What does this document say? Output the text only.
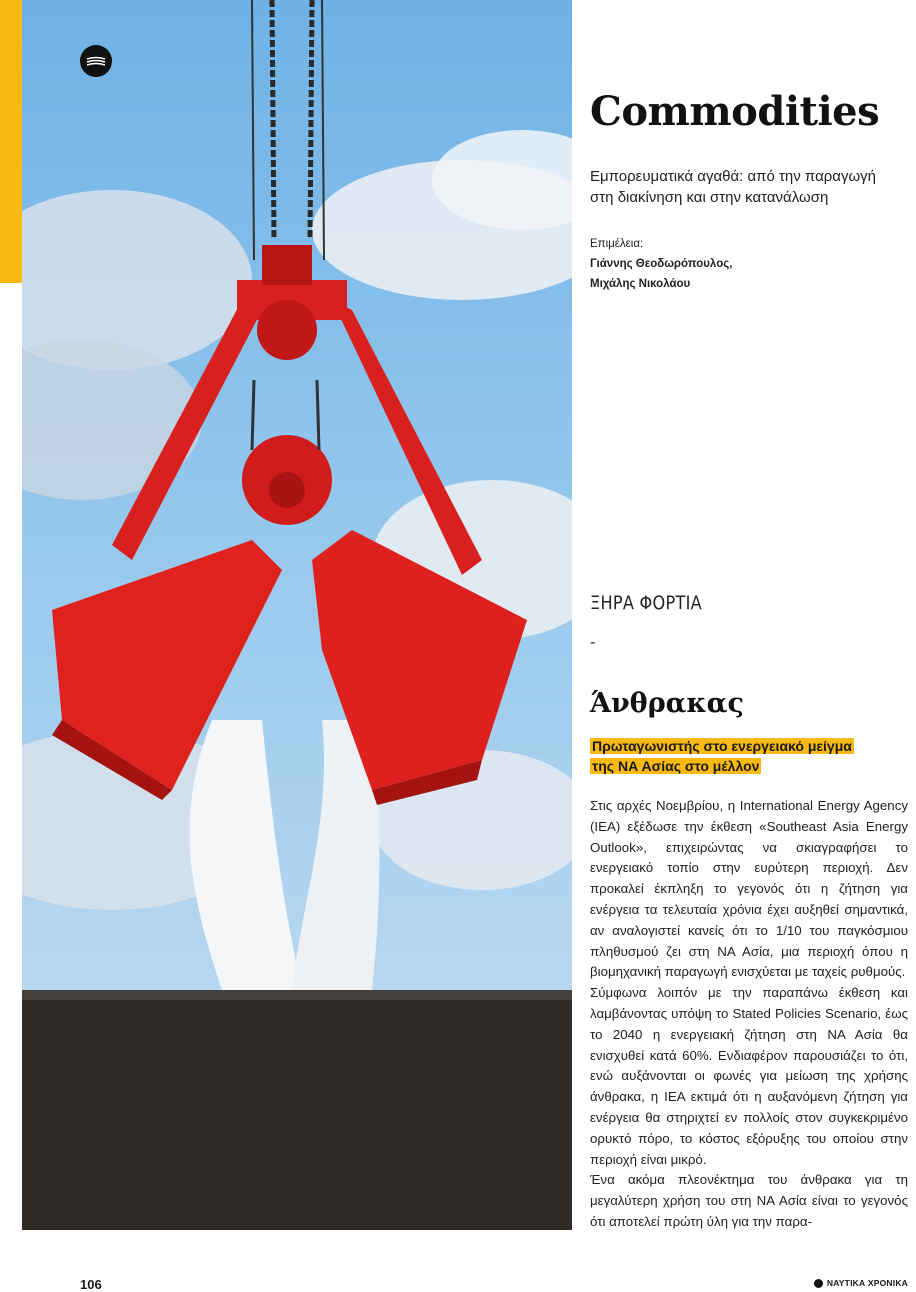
Commodities

Εμπορευματικά αγαθά: από την παραγωγή
στη διακίνηση και στην κατανάλωση

Επιμέλεια:
Γιάννης Θεοδωρόπουλος,
Μιχάλης Νικολάου
ΞΗΡΑ ΦΟΡΤΙΑ
-
Άνθρακας
Πρωταγωνιστής στο ενεργειακό μείγμα
της ΝΑ Ασίας στο μέλλον

Στις αρχές Νοεμβρίου, η International Energy Agency (IEA) εξέδωσε την έκθεση «Southeast Asia Energy Outlook», επιχειρώντας να σκιαγραφήσει το ενεργειακό τοπίο στην ευρύτερη περιοχή. Δεν προκαλεί έκπληξη το γεγονός ότι η ζήτηση για ενέργεια τα τελευταία χρόνια έχει αυξηθεί σημαντικά, αν αναλογιστεί κανείς ότι το 1/10 του παγκόσμιου πληθυσμού ζει στη ΝΑ Ασία, μια περιοχή όπου η βιομηχανική παραγωγή ενισχύεται με ταχείς ρυθμούς.

Σύμφωνα λοιπόν με την παραπάνω έκθεση και λαμβάνοντας υπόψη το Stated Policies Scenario, έως το 2040 η ενεργειακή ζήτηση στη ΝΑ Ασία θα ενισχυθεί κατά 60%. Ενδιαφέρον παρουσιάζει το ότι, ενώ αυξάνονται οι φωνές για μείωση της χρήσης άνθρακα, η IEA εκτιμά ότι η αυξανόμενη ζήτηση για ενέργεια θα στηριχτεί εν πολλοίς στον συγκεκριμένο ορυκτό πόρο, το κόστος εξόρυξης του οποίου στην περιοχή είναι μικρό.

Ένα ακόμα πλεονέκτημα του άνθρακα για τη μεγαλύτερη χρήση του στη ΝΑ Ασία είναι το γεγονός ότι αποτελεί πρώτη ύλη για την παρα-

106	ΝΑΥΤΙΚΑ ΧΡΟΝΙΚΑ
